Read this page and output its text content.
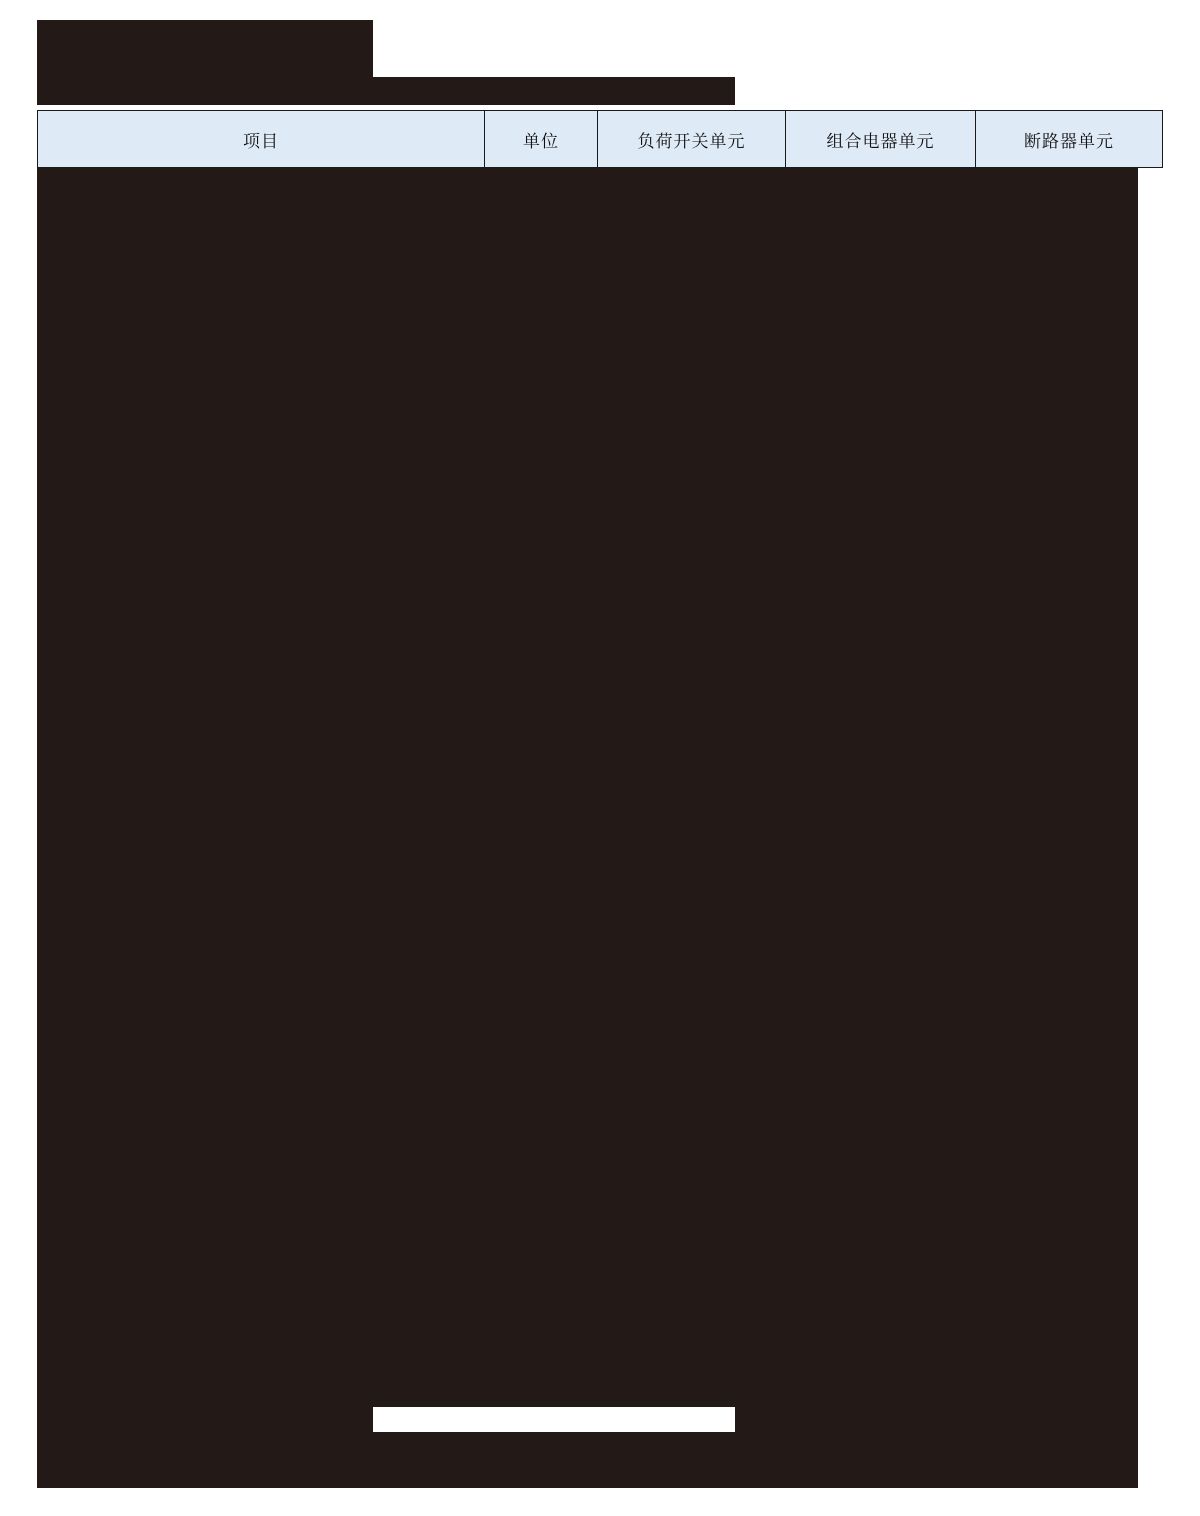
项目	单位	负荷开关单元	组合电器单元	断路器单元
